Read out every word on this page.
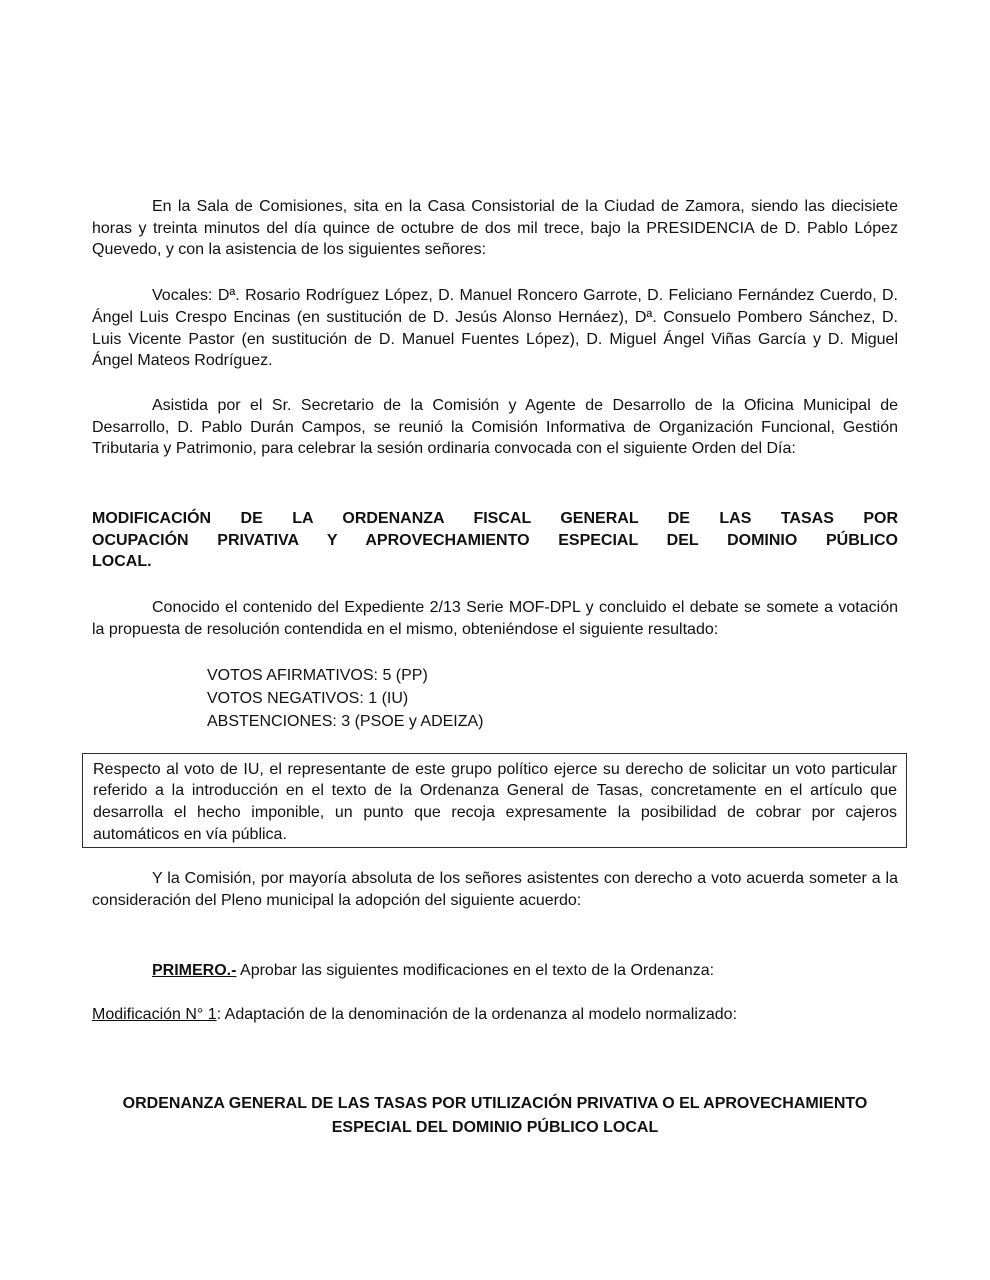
En la Sala de Comisiones, sita en la Casa Consistorial de la Ciudad de Zamora, siendo las diecisiete horas y treinta minutos del día quince de octubre de dos mil trece, bajo la PRESIDENCIA de D. Pablo López Quevedo, y con la asistencia de los siguientes señores:

Vocales: Dª. Rosario Rodríguez López, D. Manuel Roncero Garrote, D. Feliciano Fernández Cuerdo, D. Ángel Luis Crespo Encinas (en sustitución de D. Jesús Alonso Hernáez), Dª. Consuelo Pombero Sánchez, D. Luis Vicente Pastor (en sustitución de D. Manuel Fuentes López), D. Miguel Ángel Viñas García y D. Miguel Ángel Mateos Rodríguez.

Asistida por el Sr. Secretario de la Comisión y Agente de Desarrollo de la Oficina Municipal de Desarrollo, D. Pablo Durán Campos, se reunió la Comisión Informativa de Organización Funcional, Gestión Tributaria y Patrimonio, para celebrar la sesión ordinaria convocada con el siguiente Orden del Día:

MODIFICACIÓN DE LA ORDENANZA FISCAL GENERAL DE LAS TASAS POR
OCUPACIÓN PRIVATIVA Y APROVECHAMIENTO ESPECIAL DEL DOMINIO PÚBLICO
LOCAL.

Conocido el contenido del Expediente 2/13 Serie MOF-DPL y concluido el debate se somete a votación la propuesta de resolución contendida en el mismo, obteniéndose el siguiente resultado:

VOTOS AFIRMATIVOS: 5 (PP)
VOTOS NEGATIVOS: 1 (IU)
ABSTENCIONES: 3 (PSOE y ADEIZA)

Respecto al voto de IU, el representante de este grupo político ejerce su derecho de solicitar un voto particular referido a la introducción en el texto de la Ordenanza General de Tasas, concretamente en el artículo que desarrolla el hecho imponible, un punto que recoja expresamente la posibilidad de cobrar por cajeros automáticos en vía pública.

Y la Comisión, por mayoría absoluta de los señores asistentes con derecho a voto acuerda someter a la consideración del Pleno municipal la adopción del siguiente acuerdo:

PRIMERO.- Aprobar las siguientes modificaciones en el texto de la Ordenanza:

Modificación N° 1: Adaptación de la denominación de la ordenanza al modelo normalizado:

ORDENANZA GENERAL DE LAS TASAS POR UTILIZACIÓN PRIVATIVA O EL APROVECHAMIENTO ESPECIAL DEL DOMINIO PÚBLICO LOCAL
